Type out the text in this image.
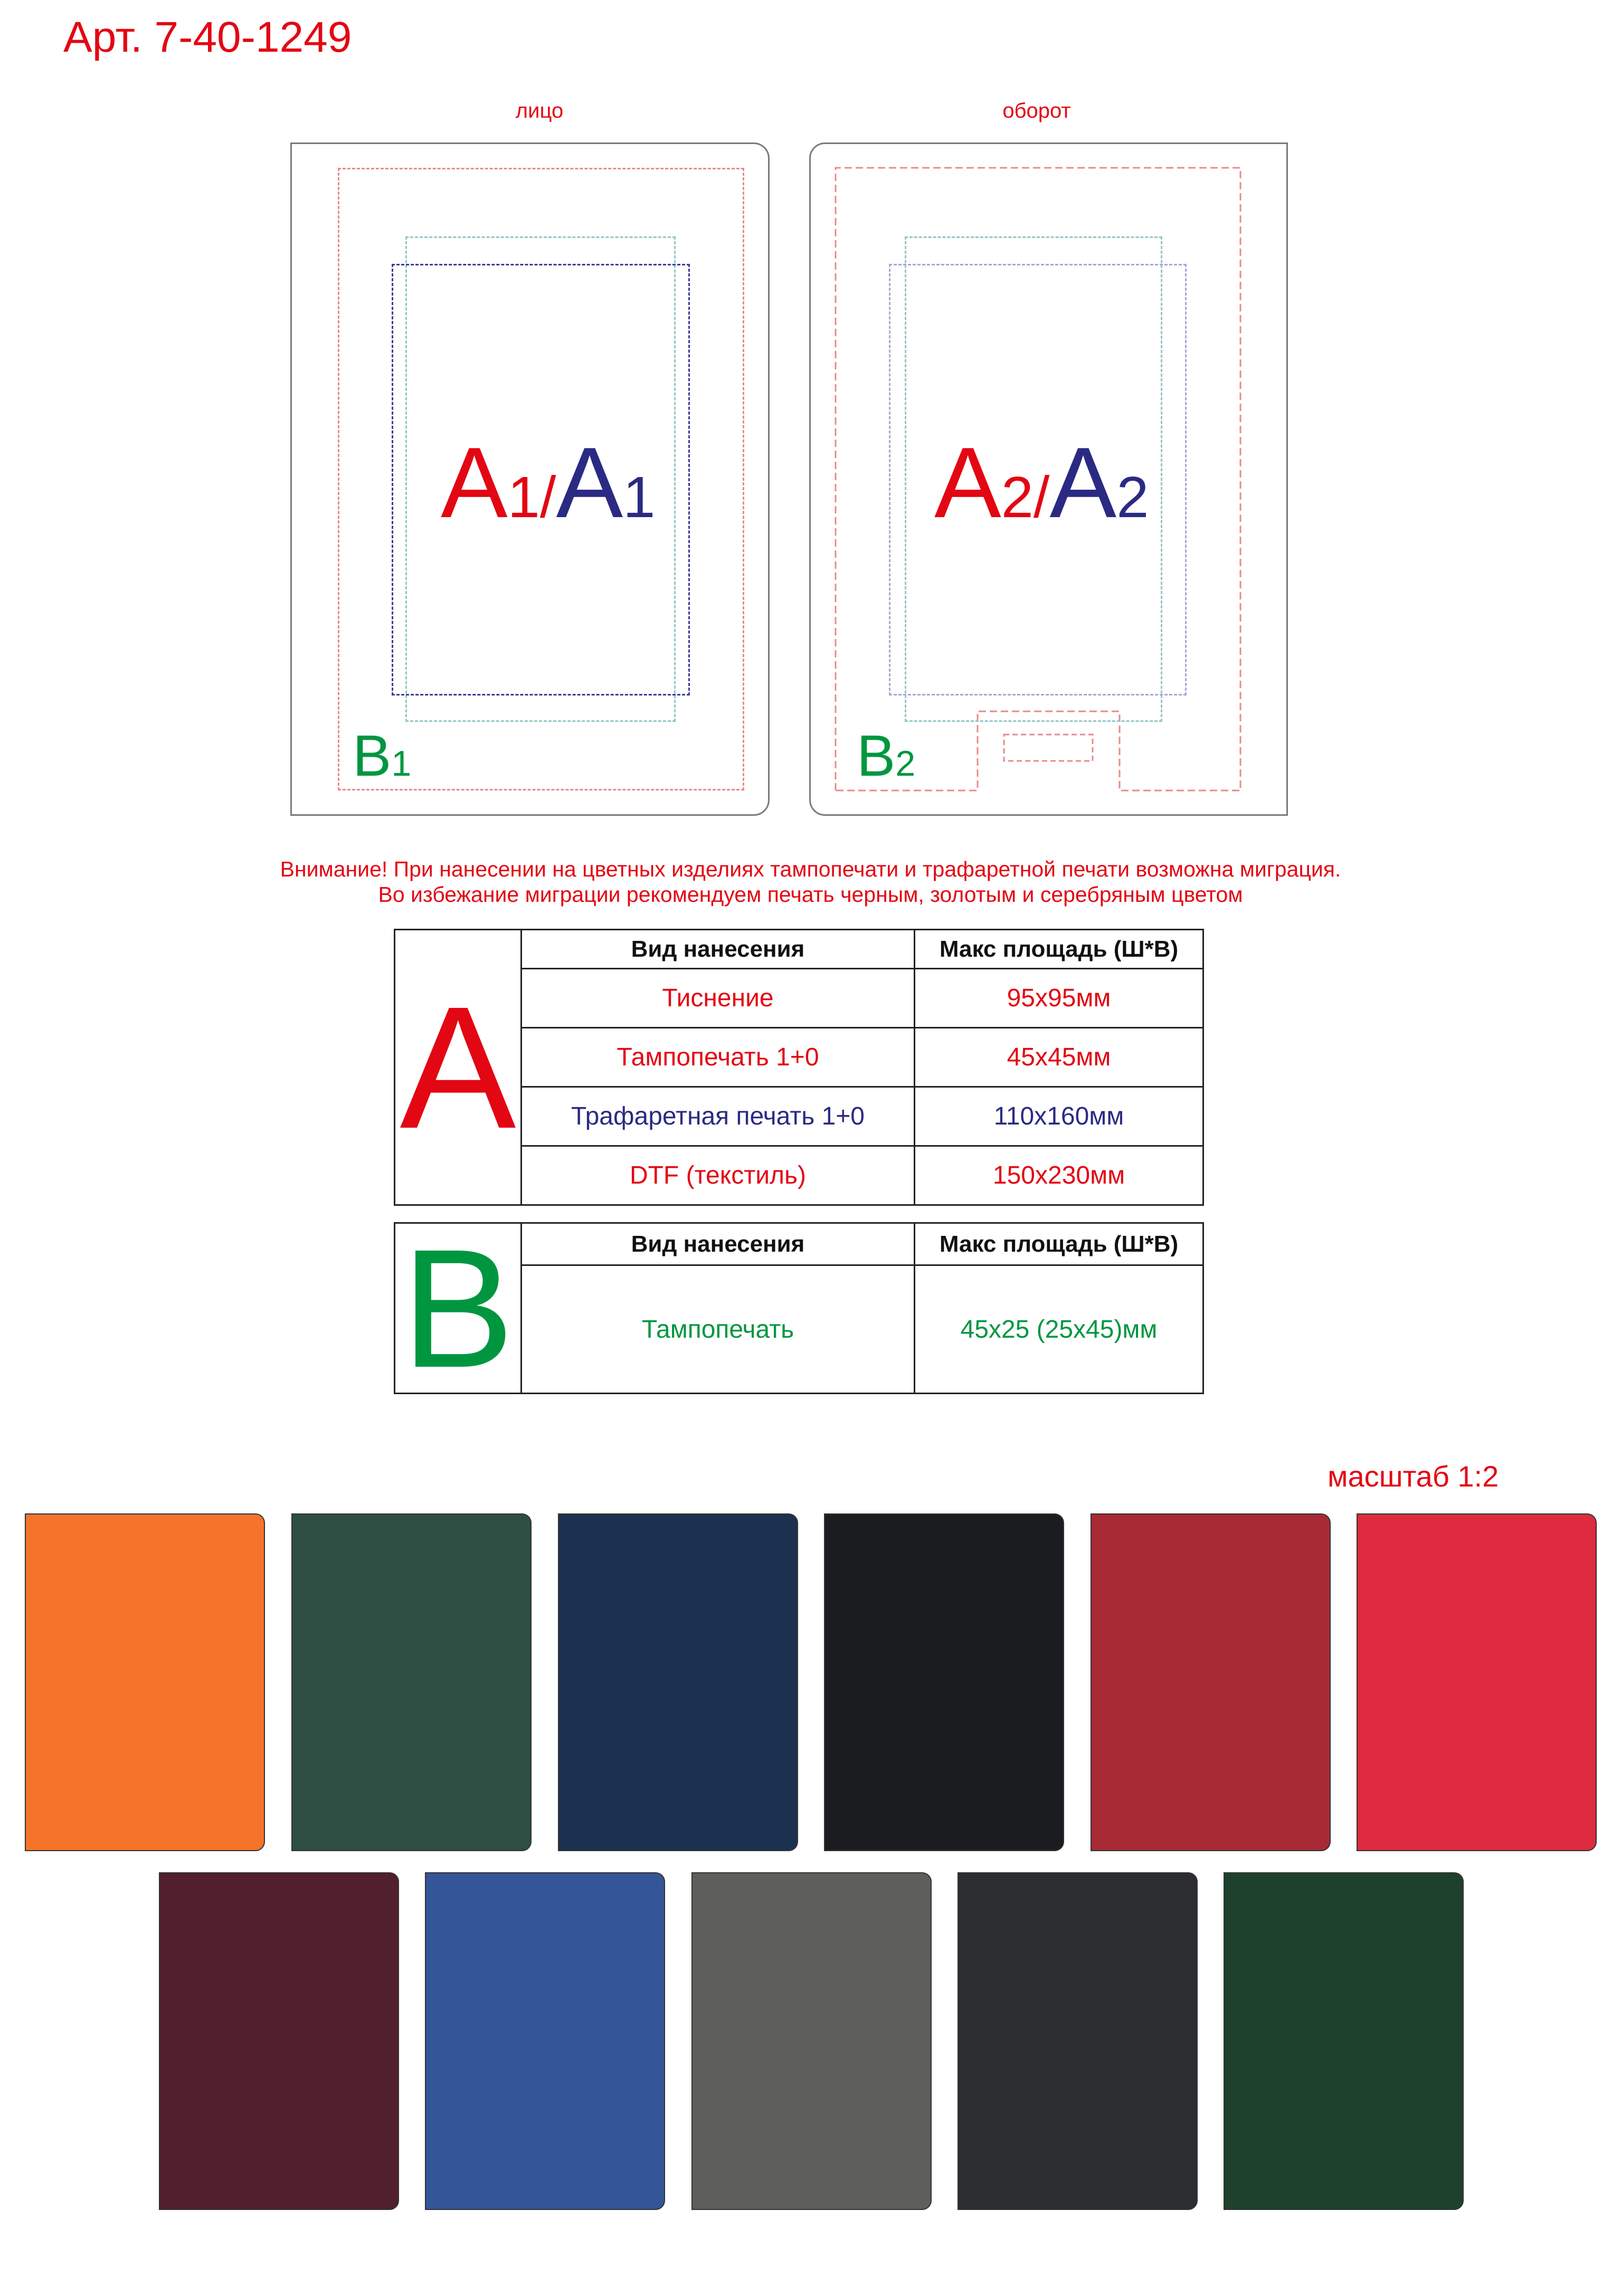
Арт. 7-40-1249
лицо	оборот
A1/A1
B1
A2/A2
B2
Внимание! При нанесении на цветных изделиях тампопечати и трафаретной печати возможна миграция.
Во избежание миграции рекомендуем печать черным, золотым и серебряным цветом
A	Вид нанесения	Макс площадь (Ш*В)
	Тиснение	95х95мм
	Тампопечать 1+0	45х45мм
	Трафаретная печать 1+0	110х160мм
	DTF (текстиль)	150х230мм
B	Вид нанесения	Макс площадь (Ш*В)
	Тампопечать	45х25 (25х45)мм
масштаб 1:2
